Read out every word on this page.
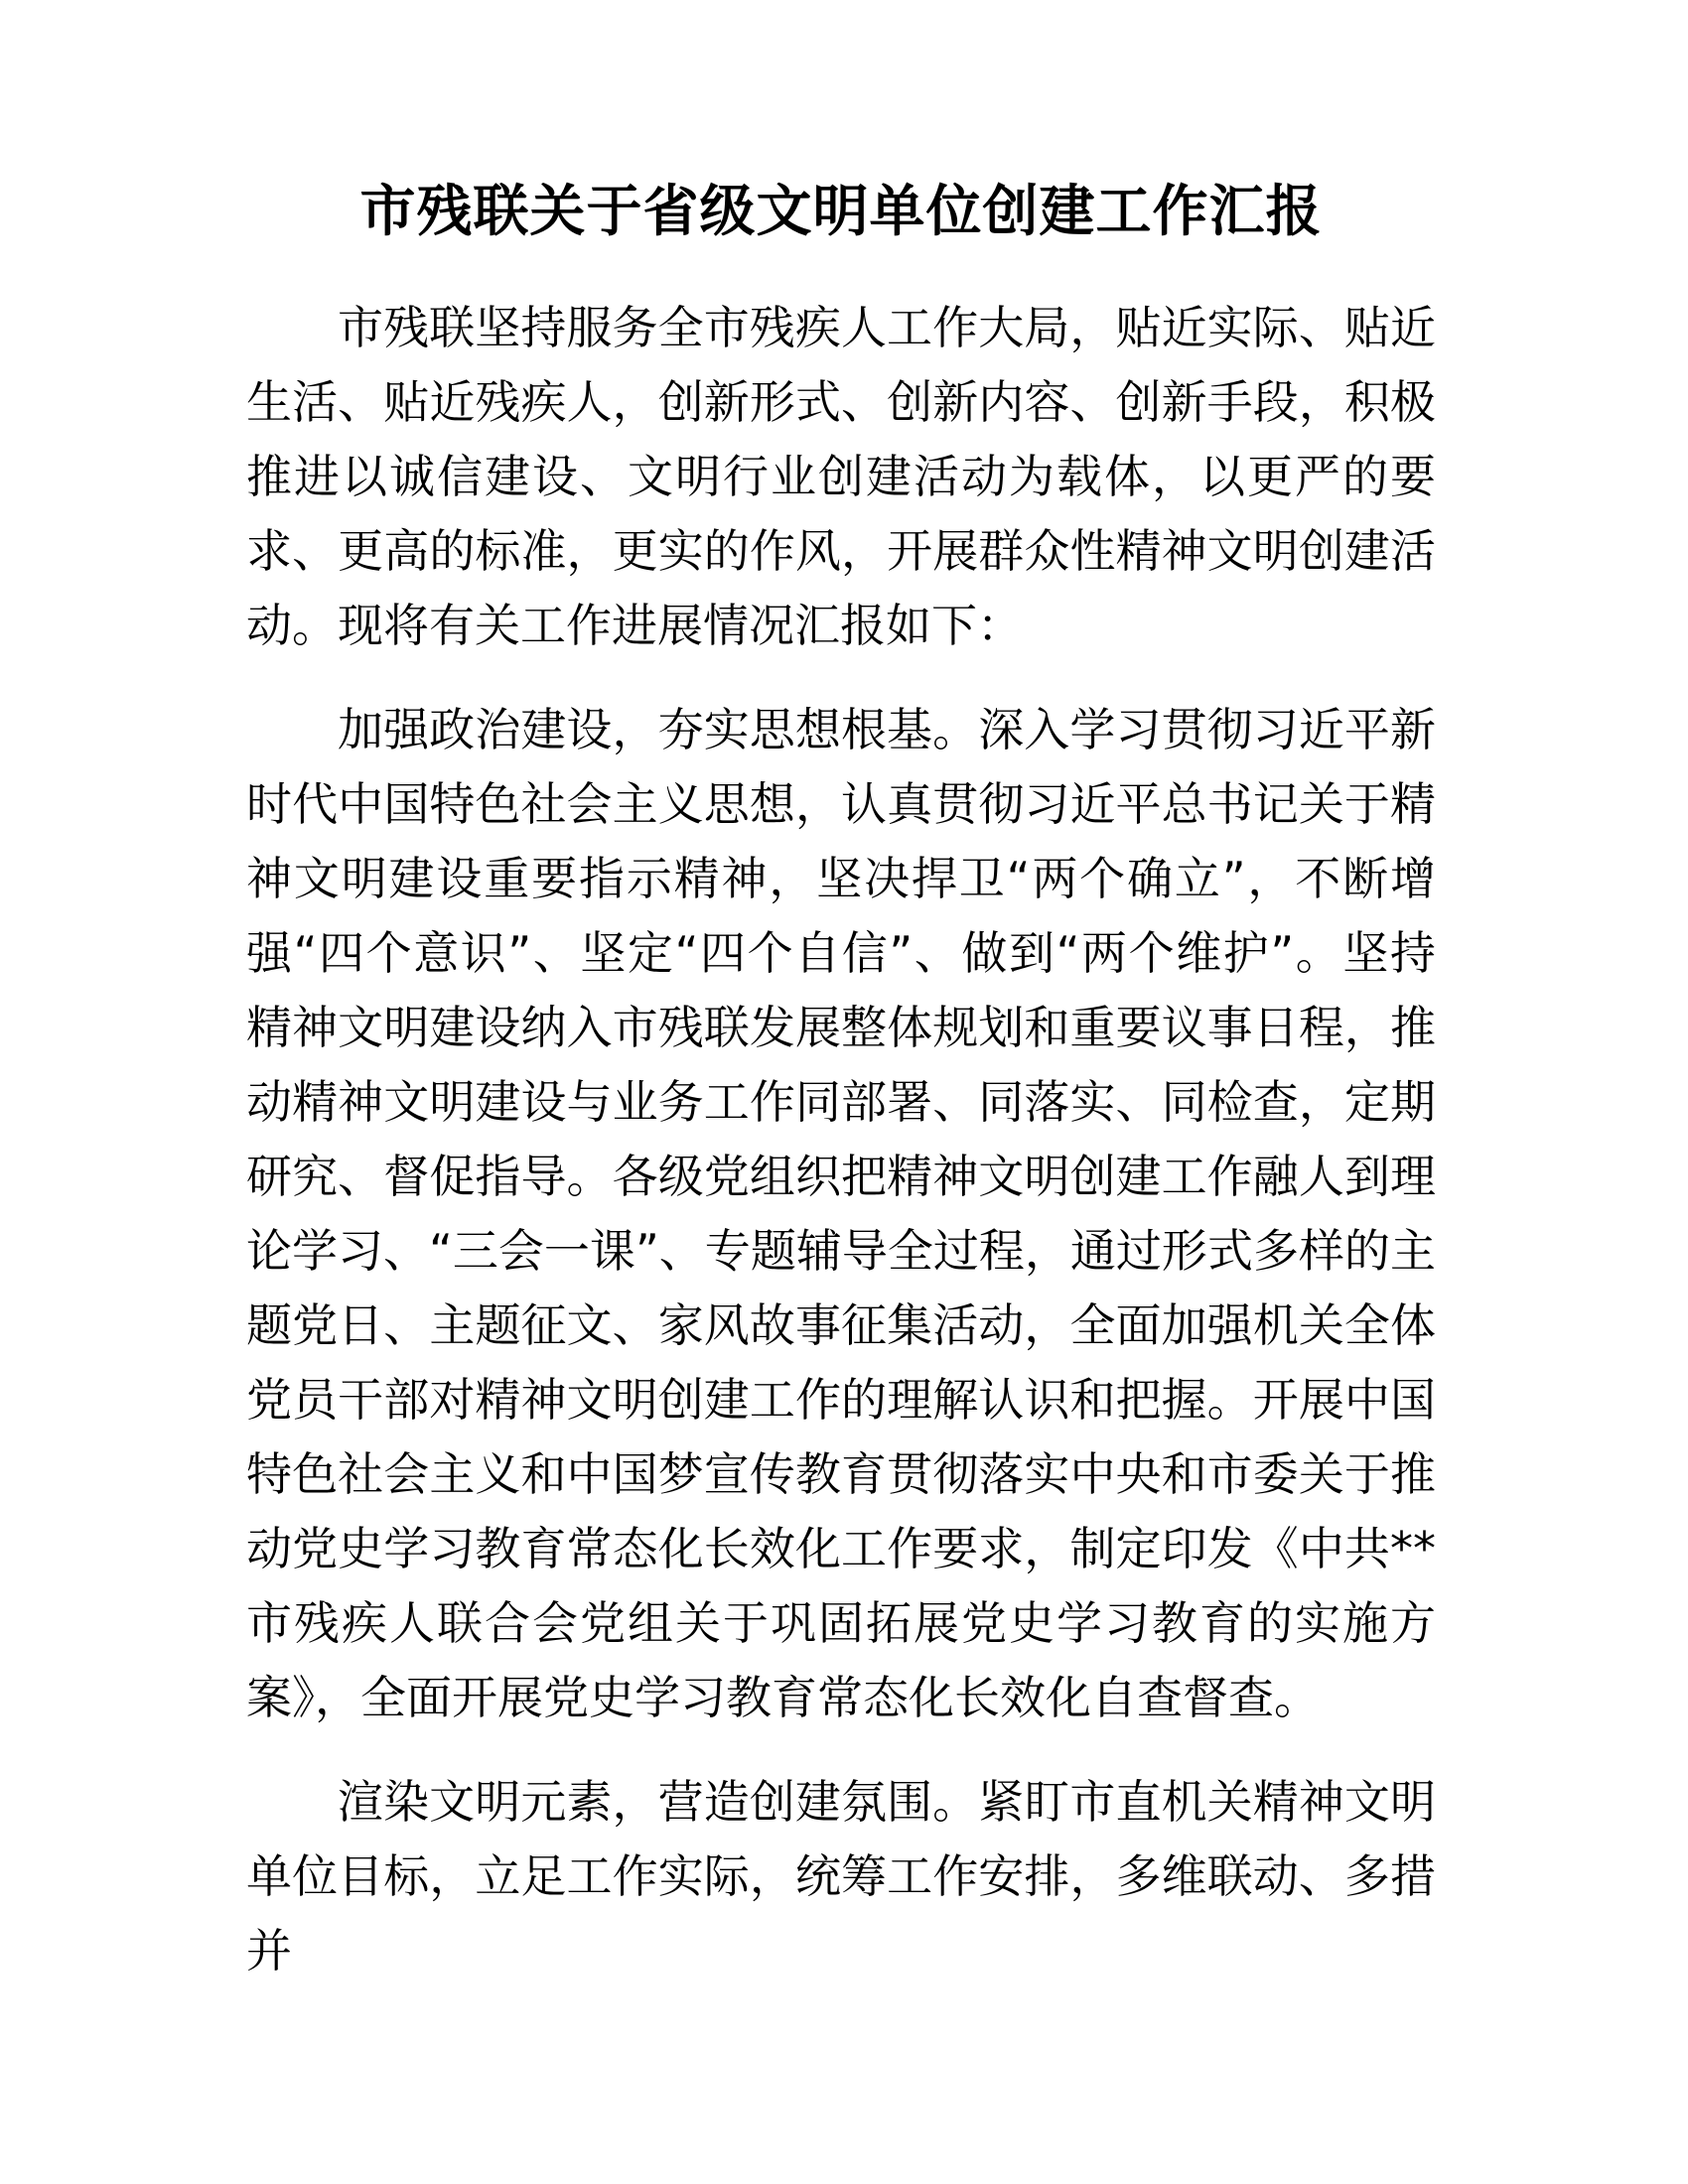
市残联关于省级文明单位创建工作汇报

市残联坚持服务全市残疾人工作大局，贴近实际、贴近生活、贴近残疾人，创新形式、创新内容、创新手段，积极推进以诚信建设、文明行业创建活动为载体，以更严的要求、更高的标准，更实的作风，开展群众性精神文明创建活动。现将有关工作进展情况汇报如下：

加强政治建设，夯实思想根基。深入学习贯彻习近平新时代中国特色社会主义思想，认真贯彻习近平总书记关于精神文明建设重要指示精神，坚决捍卫“两个确立”，不断增强“四个意识”、坚定“四个自信”、做到“两个维护”。坚持精神文明建设纳入市残联发展整体规划和重要议事日程，推动精神文明建设与业务工作同部署、同落实、同检查，定期研究、督促指导。各级党组织把精神文明创建工作融人到理论学习、“三会一课”、专题辅导全过程，通过形式多样的主题党日、主题征文、家风故事征集活动，全面加强机关全体党员干部对精神文明创建工作的理解认识和把握。开展中国特色社会主义和中国梦宣传教育贯彻落实中央和市委关于推动党史学习教育常态化长效化工作要求，制定印发《中共**市残疾人联合会党组关于巩固拓展党史学习教育的实施方案》，全面开展党史学习教育常态化长效化自查督查。

渲染文明元素，营造创建氛围。紧盯市直机关精神文明单位目标，立足工作实际，统筹工作安排，多维联动、多措并
